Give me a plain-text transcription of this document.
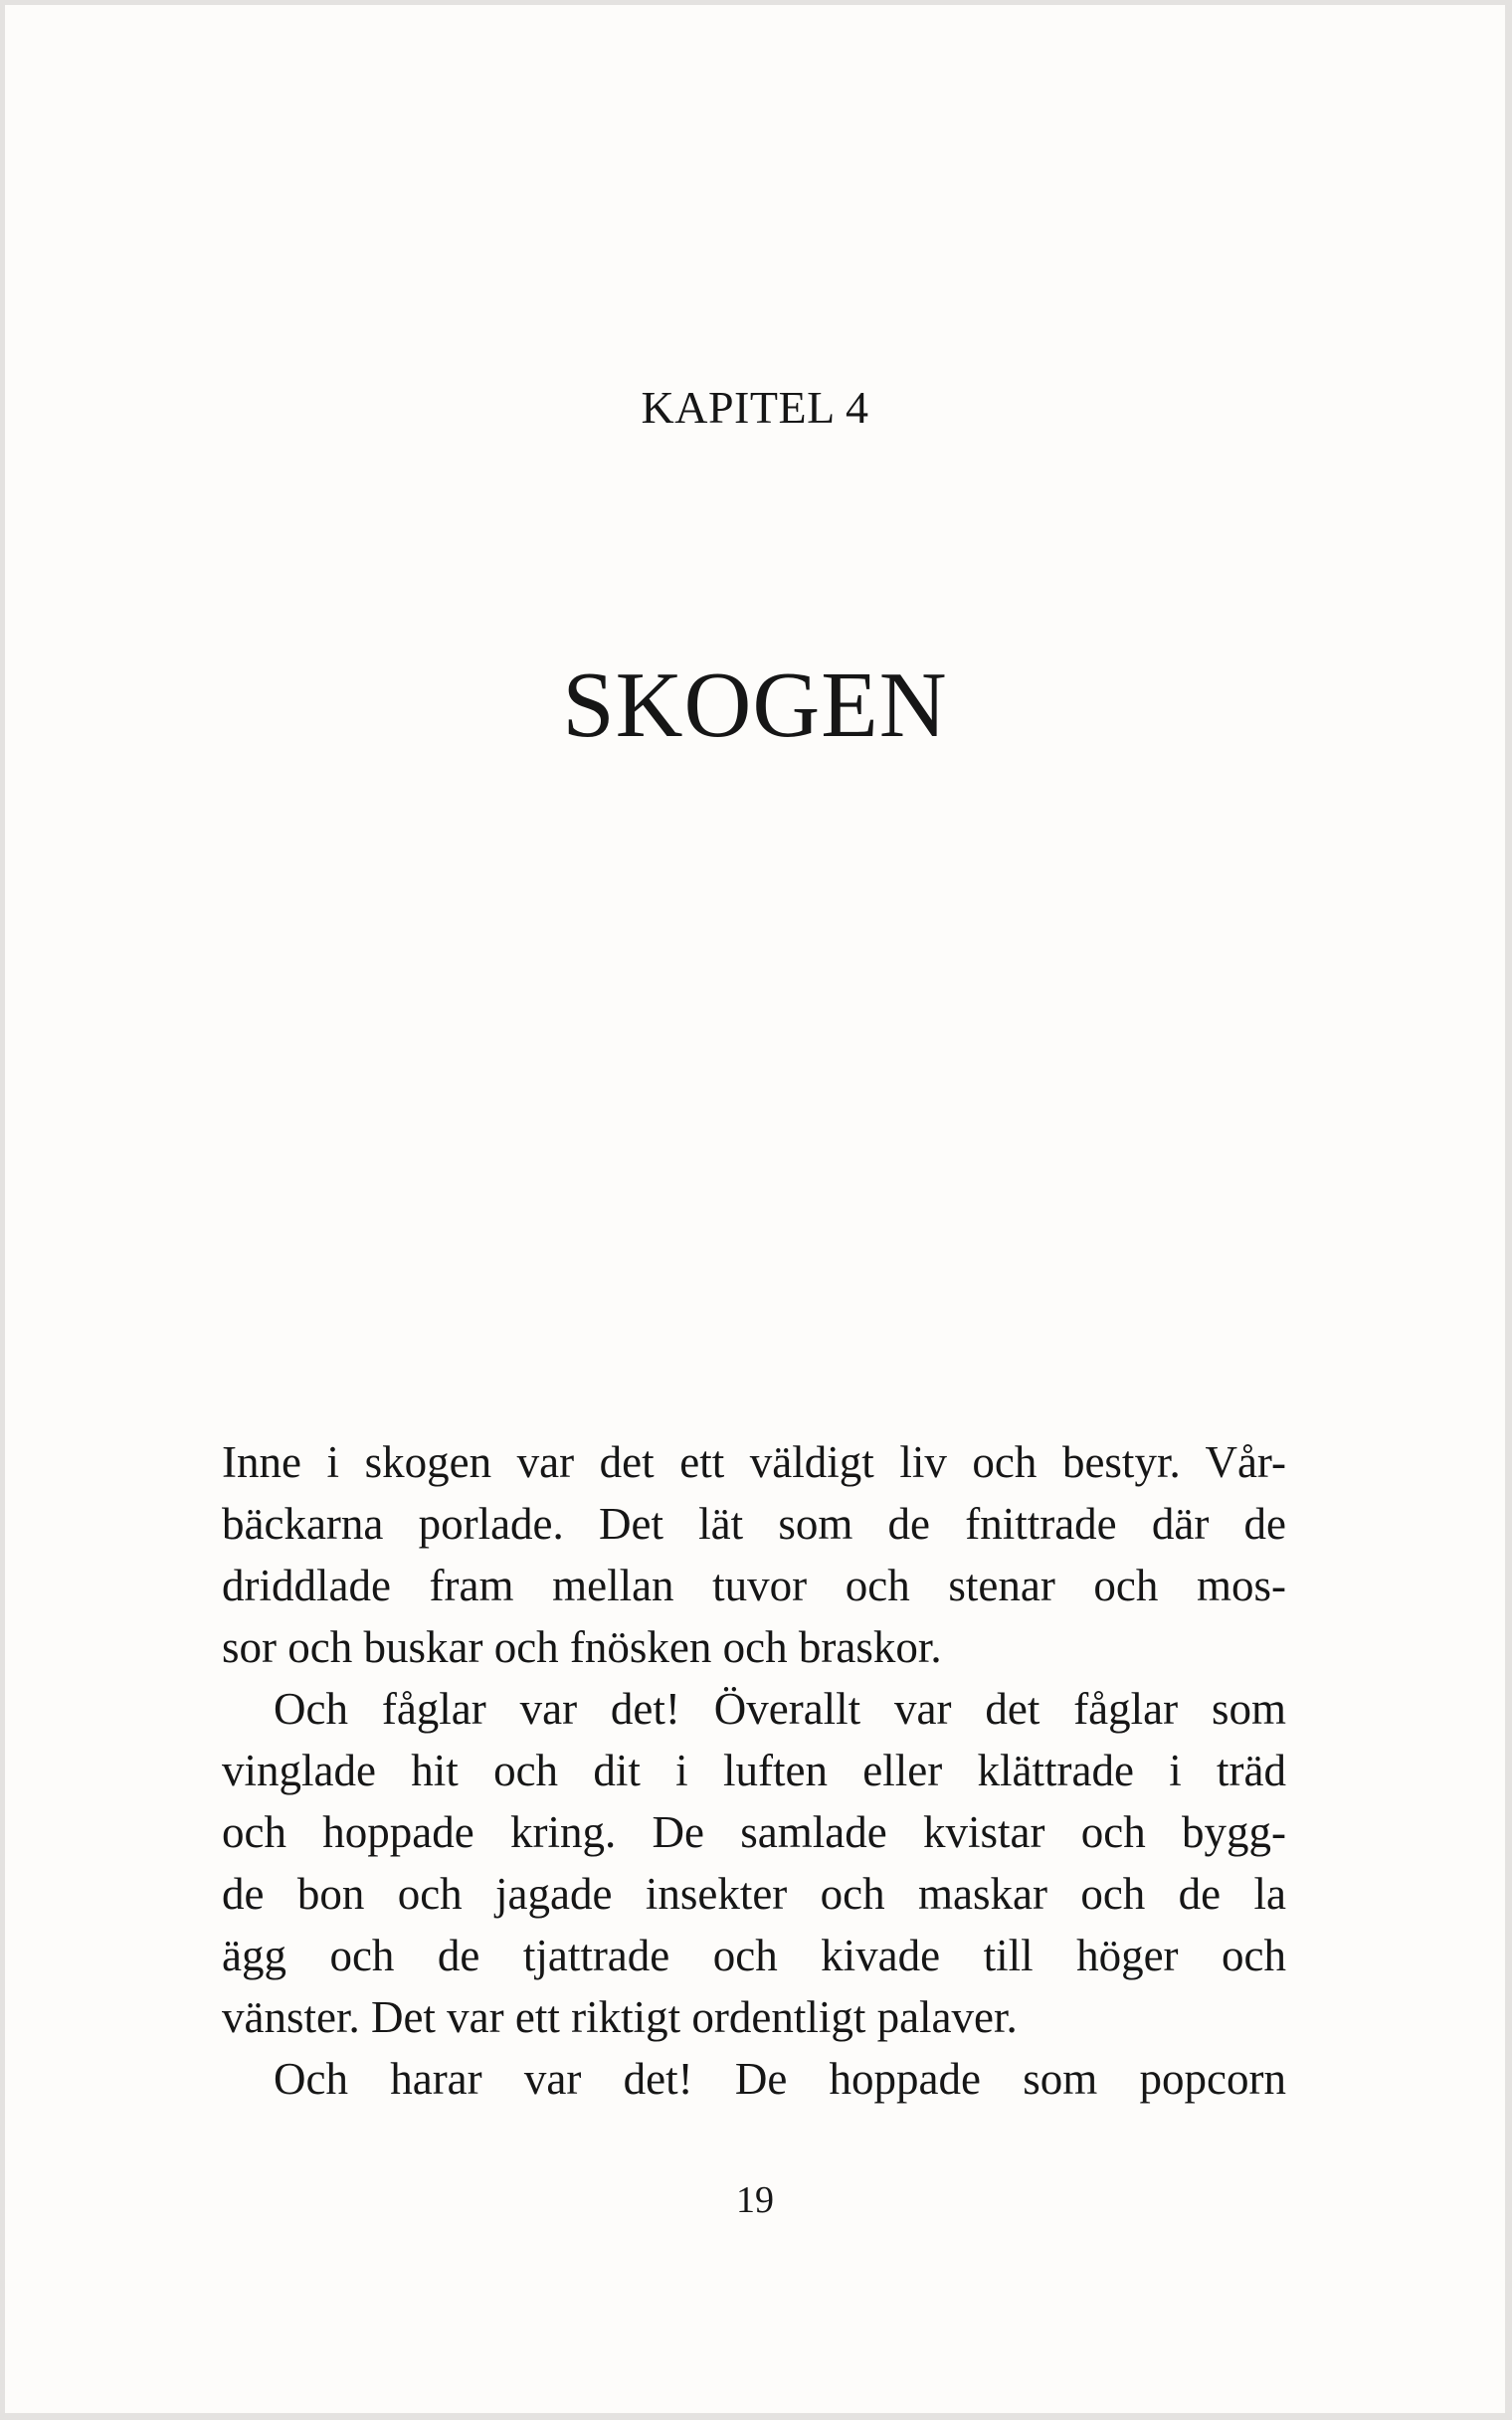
KAPITEL 4
SKOGEN
Inne i skogen var det ett väldigt liv och bestyr. Vår-
bäckarna porlade. Det lät som de fnittrade där de
driddlade fram mellan tuvor och stenar och mos-
sor och buskar och fnösken och braskor.
Och fåglar var det! Överallt var det fåglar som
vinglade hit och dit i luften eller klättrade i träd
och hoppade kring. De samlade kvistar och bygg-
de bon och jagade insekter och maskar och de la
ägg och de tjattrade och kivade till höger och
vänster. Det var ett riktigt ordentligt palaver.
Och harar var det! De hoppade som popcorn
19
